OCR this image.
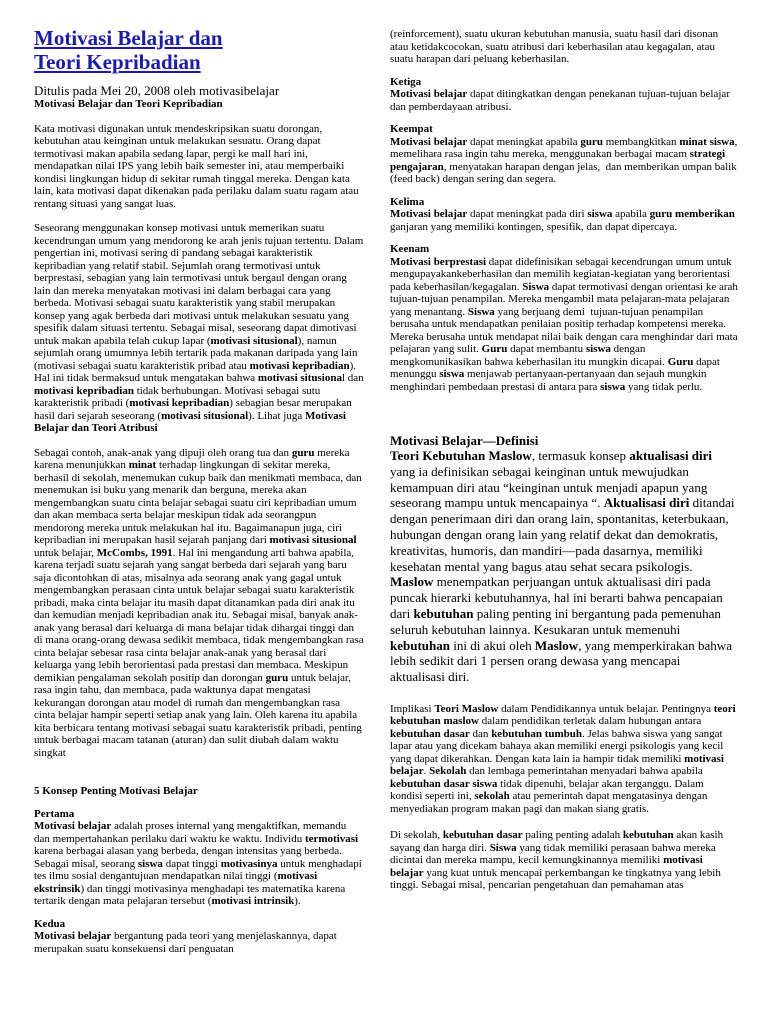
Motivasi Belajar dan
Teori Kepribadian

Ditulis pada Mei 20, 2008 oleh motivasibelajar

Motivasi Belajar dan Teori Kepribadian

Kata motivasi digunakan untuk mendeskripsikan suatu dorongan, kebutuhan atau keinginan untuk melakukan sesuatu. Orang dapat termotivasi makan apabila sedang lapar, pergi ke mall hari ini, mendapatkan nilai IPS yang lebih baik semester ini, atau memperbaiki kondisi lingkungan hidup di sekitar rumah tinggal mereka. Dengan kata lain, kata motivasi dapat dikenakan pada perilaku dalam suatu ragam atau rentang situasi yang sangat luas.

Seseorang menggunakan konsep motivasi untuk memerikan suatu kecendrungan umum yang mendorong ke arah jenis tujuan tertentu. Dalam pengertian ini, motivasi sering di pandang sebagai karakteristik kepribadian yang relatif stabil. Sejumlah orang termotivasi untuk berprestasi, sebagian yang lain termotivasi untuk bergaul dengan orang lain dan mereka menyatakan motivasi ini dalam berbagai cara yang berbeda. Motivasi sebagai suatu karakteristik yang stabil merupakan konsep yang agak berbeda dari motivasi untuk melakukan sesuatu yang spesifik dalam situasi tertentu. Sebagai misal, seseorang dapat dimotivasi untuk makan apabila telah cukup lapar (motivasi situsional), namun sejumlah orang umumnya lebih tertarik pada makanan daripada yang lain (motivasi sebagai suatu karakteristik pribad atau motivasi kepribadian). Hal ini tidak bermaksud untuk mengatakan bahwa motivasi situsional dan motivasi kepribadian tidak berhubungan. Motivasi sebagai sutu karakteristik pribadi (motivasi kepribadian) sebagian besar merupakan hasil dari sejarah seseorang (motivasi situsional). Lihat juga Motivasi Belajar dan Teori Atribusi

Sebagai contoh, anak-anak yang dipuji oleh orang tua dan guru mereka karena menunjukkan minat terhadap lingkungan di sekitar mereka, berhasil di sekolah, menemukan cukup baik dan menikmati membaca, dan menemukan isi buku yang menarik dan berguna, mereka akan mengembangkan suatu cinta belajar sebagai suatu ciri kepribadian umum dan akan membaca serta belajar meskipun tidak ada seorangpun mendorong mereka untuk melakukan hal itu. Bagaimanapun juga, ciri kepribadian ini merupakan hasil sejarah panjang dari motivasi situsional untuk belajar, McCombs, 1991. Hal ini mengandung arti bahwa apabila, karena terjadi suatu sejarah yang sangat berbeda dari sejarah yang baru saja dicontohkan di atas, misalnya ada seorang anak yang gagal untuk mengembangkan perasaan cinta untuk belajar sebagai suatu karakteristik pribadi, maka cinta belajar itu masih dapat ditanamkan pada diri anak itu dan kemudian menjadi kepribadian anak itu. Sebagai misal, banyak anak-anak yang berasal dari keluarga di mana belajar tidak dihargai tinggi dan di mana orang-orang dewasa sedikit membaca, tidak mengembangkan rasa cinta belajar sebesar rasa cinta belajar anak-anak yang berasal dari keluarga yang lebih berorientasi pada prestasi dan membaca. Meskipun demikian pengalaman sekolah positip dan dorongan guru untuk belajar, rasa ingin tahu, dan membaca, pada waktunya dapat mengatasi kekurangan dorongan atau model di rumah dan mengembangkan rasa cinta belajar hampir seperti setiap anak yang lain. Oleh karena itu apabila kita berbicara tentang motivasi sebagai suatu karakteristik pribadi, penting untuk berbagai macam tatanan (aturan) dan sulit diubah dalam waktu singkat

5 Konsep Penting Motivasi Belajar

Pertama

Motivasi belajar adalah proses internal yang mengaktifkan, memandu dan mempertahankan perilaku dari waktu ke waktu. Individu termotivasi karena berbagai alasan yang berbeda, dengan intensitas yang berbeda. Sebagai misal, seorang siswa dapat tinggi motivasinya untuk menghadapi tes ilmu sosial dengantujuan mendapatkan nilai tinggi (motivasi ekstrinsik) dan tinggi motivasinya menghadapi tes matematika karena tertarik dengan mata pelajaran tersebut (motivasi intrinsik).

Kedua

Motivasi belajar bergantung pada teori yang menjelaskannya, dapat merupakan suatu konsekuensi dari penguatan

(reinforcement), suatu ukuran kebutuhan manusia, suatu hasil dari disonan atau ketidakcocokan, suatu atribusi dari keberhasilan atau kegagalan, atau suatu harapan dari peluang keberhasilan.

Ketiga

Motivasi belajar dapat ditingkatkan dengan penekanan tujuan-tujuan belajar dan pemberdayaan atribusi.

Keempat

Motivasi belajar dapat meningkat apabila guru membangkitkan minat siswa, memelihara rasa ingin tahu mereka, menggunakan berbagai macam strategi pengajaran, menyatakan harapan dengan jelas,  dan memberikan umpan balik (feed back) dengan sering dan segera.

Kelima

Motivasi belajar dapat meningkat pada diri siswa apabila guru memberikan ganjaran yang memiliki kontingen, spesifik, dan dapat dipercaya.

Keenam

Motivasi berprestasi dapat didefinisikan sebagai kecendrungan umum untuk mengupayakankeberhasilan dan memilih kegiatan-kegiatan yang berorientasi pada keberhasilan/kegagalan. Siswa dapat termotivasi dengan orientasi ke arah tujuan-tujuan penampilan. Mereka mengambil mata pelajaran-mata pelajaran yang menantang. Siswa yang berjuang demi  tujuan-tujuan penampilan berusaha untuk mendapatkan penilaian positip terhadap kompetensi mereka. Mereka berusaha untuk mendapat nilai baik dengan cara menghindar dari mata pelajaran yang sulit. Guru dapat membantu siswa dengan mengkomunikasikan bahwa keberhasilan itu mungkin dicapai. Guru dapat menunggu siswa menjawab pertanyaan-pertanyaan dan sejauh mungkin menghindari pembedaan prestasi di antara para siswa yang tidak perlu.

Motivasi Belajar—Definisi

Teori Kebutuhan Maslow, termasuk konsep aktualisasi diri yang ia definisikan sebagai keinginan untuk mewujudkan kemampuan diri atau “keinginan untuk menjadi apapun yang seseorang mampu untuk mencapainya “. Aktualisasi diri ditandai dengan penerimaan diri dan orang lain, spontanitas, keterbukaan, hubungan dengan orang lain yang relatif dekat dan demokratis, kreativitas, humoris, dan mandiri—pada dasarnya, memiliki kesehatan mental yang bagus atau sehat secara psikologis. Maslow menempatkan perjuangan untuk aktualisasi diri pada puncak hierarki kebutuhannya, hal ini berarti bahwa pencapaian dari kebutuhan paling penting ini bergantung pada pemenuhan seluruh kebutuhan lainnya. Kesukaran untuk memenuhi kebutuhan ini di akui oleh Maslow, yang memperkirakan bahwa lebih sedikit dari 1 persen orang dewasa yang mencapai aktualisasi diri.

Implikasi Teori Maslow dalam Pendidikannya untuk belajar. Pentingnya teori kebutuhan maslow dalam pendidikan terletak dalam hubungan antara kebutuhan dasar dan kebutuhan tumbuh. Jelas bahwa siswa yang sangat lapar atau yang dicekam bahaya akan memiliki energi psikologis yang kecil yang dapat dikerahkan. Dengan kata lain ia hampir tidak memiliki motivasi belajar. Sekolah dan lembaga pemerintahan menyadari bahwa apabila kebutuhan dasar siswa tidak dipenuhi, belajar akan terganggu. Dalam kondisi seperti ini, sekolah atau pemerintah dapat mengatasinya dengan menyediakan program makan pagi dan makan siang gratis.

Di sekolah, kebutuhan dasar paling penting adalah kebutuhan akan kasih sayang dan harga diri. Siswa yang tidak memiliki perasaan bahwa mereka dicintai dan mereka mampu, kecil kemungkinannya memiliki motivasi belajar yang kuat untuk mencapai perkembangan ke tingkatnya yang lebih tinggi. Sebagai misal, pencarian pengetahuan dan pemahaman atas
